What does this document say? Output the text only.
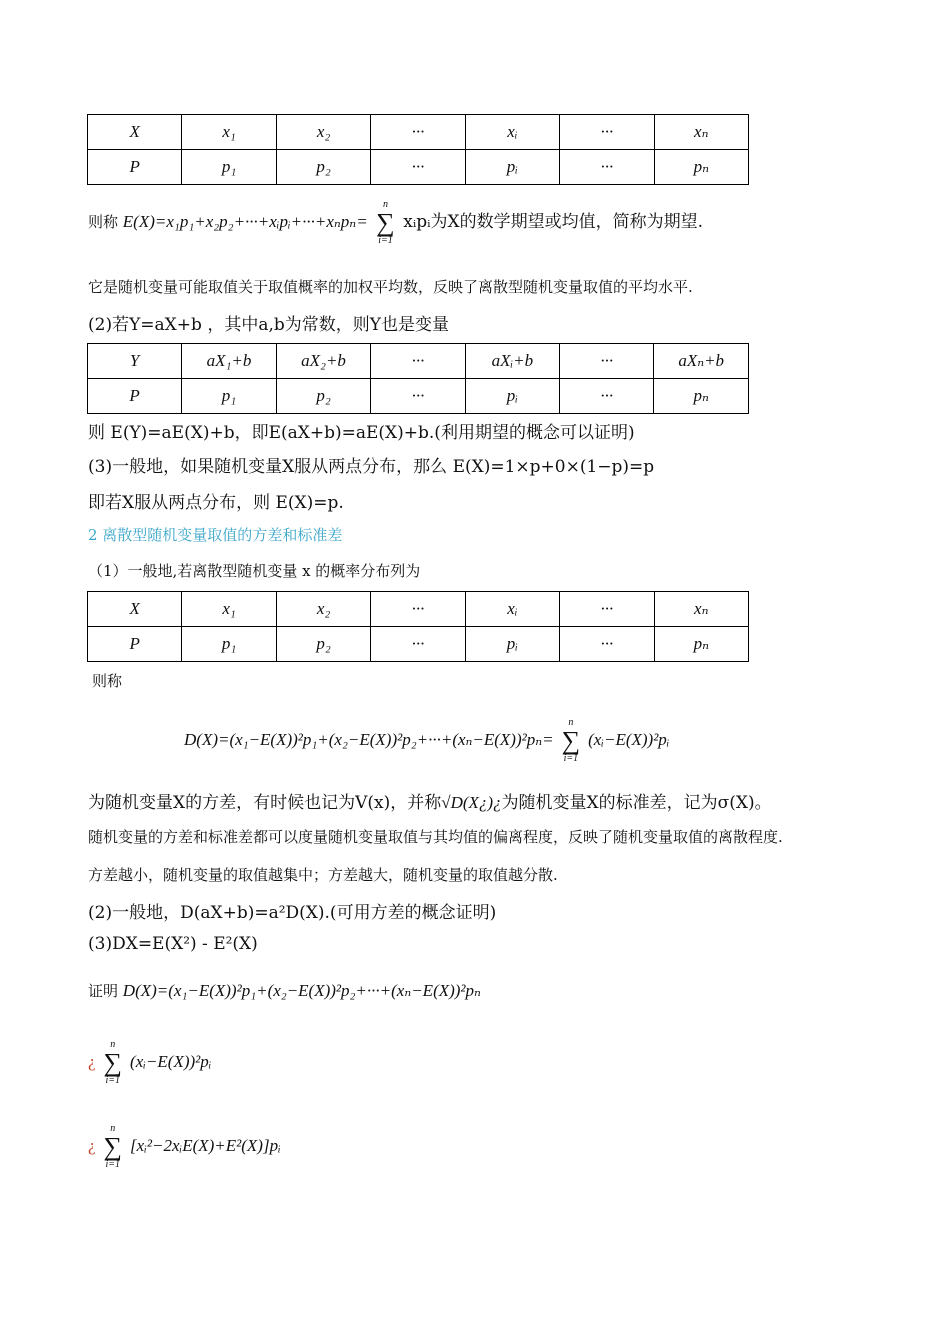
X	x₁	x₂	···	xᵢ	···	xₙ
P	p₁	p₂	···	pᵢ	···	pₙ
则称 E(X)=x₁p₁+x₂p₂+···+xᵢpᵢ+···+xₙpₙ=
n
∑
i=1
xᵢpᵢ为X的数学期望或均值，简称为期望.
它是随机变量可能取值关于取值概率的加权平均数，反映了离散型随机变量取值的平均水平.
(2)若Y=aX+b ，其中a,b为常数，则Y也是变量
Y	aX₁+b	aX₂+b	···	aXᵢ+b	···	aXₙ+b
P	p₁	p₂	···	pᵢ	···	pₙ
则 E(Y)=aE(X)+b，即E(aX+b)=aE(X)+b.(利用期望的概念可以证明)
(3)一般地，如果随机变量X服从两点分布，那么 E(X)=1×p+0×(1−p)=p
即若X服从两点分布，则 E(X)=p.
2 离散型随机变量取值的方差和标准差
（1）一般地,若离散型随机变量 x 的概率分布列为
X	x₁	x₂	···	xᵢ	···	xₙ
P	p₁	p₂	···	pᵢ	···	pₙ
则称
D(X)=(x₁−E(X))²p₁+(x₂−E(X))²p₂+···+(xₙ−E(X))²pₙ=
n
∑
i=1
(xᵢ−E(X))²pᵢ
为随机变量X的方差，有时候也记为V(x)，并称√D(X¿)¿为随机变量X的标准差，记为σ(X)。
随机变量的方差和标准差都可以度量随机变量取值与其均值的偏离程度，反映了随机变量取值的离散程度.
方差越小，随机变量的取值越集中；方差越大，随机变量的取值越分散.
(2)一般地，D(aX+b)=a²D(X).(可用方差的概念证明)
(3)DX=E(X²) - E²(X)
证明 D(X)=(x₁−E(X))²p₁+(x₂−E(X))²p₂+···+(xₙ−E(X))²pₙ
¿
n
∑
i=1
(xᵢ−E(X))²pᵢ
¿
n
∑
i=1
[xᵢ²−2xᵢE(X)+E²(X)]pᵢ
